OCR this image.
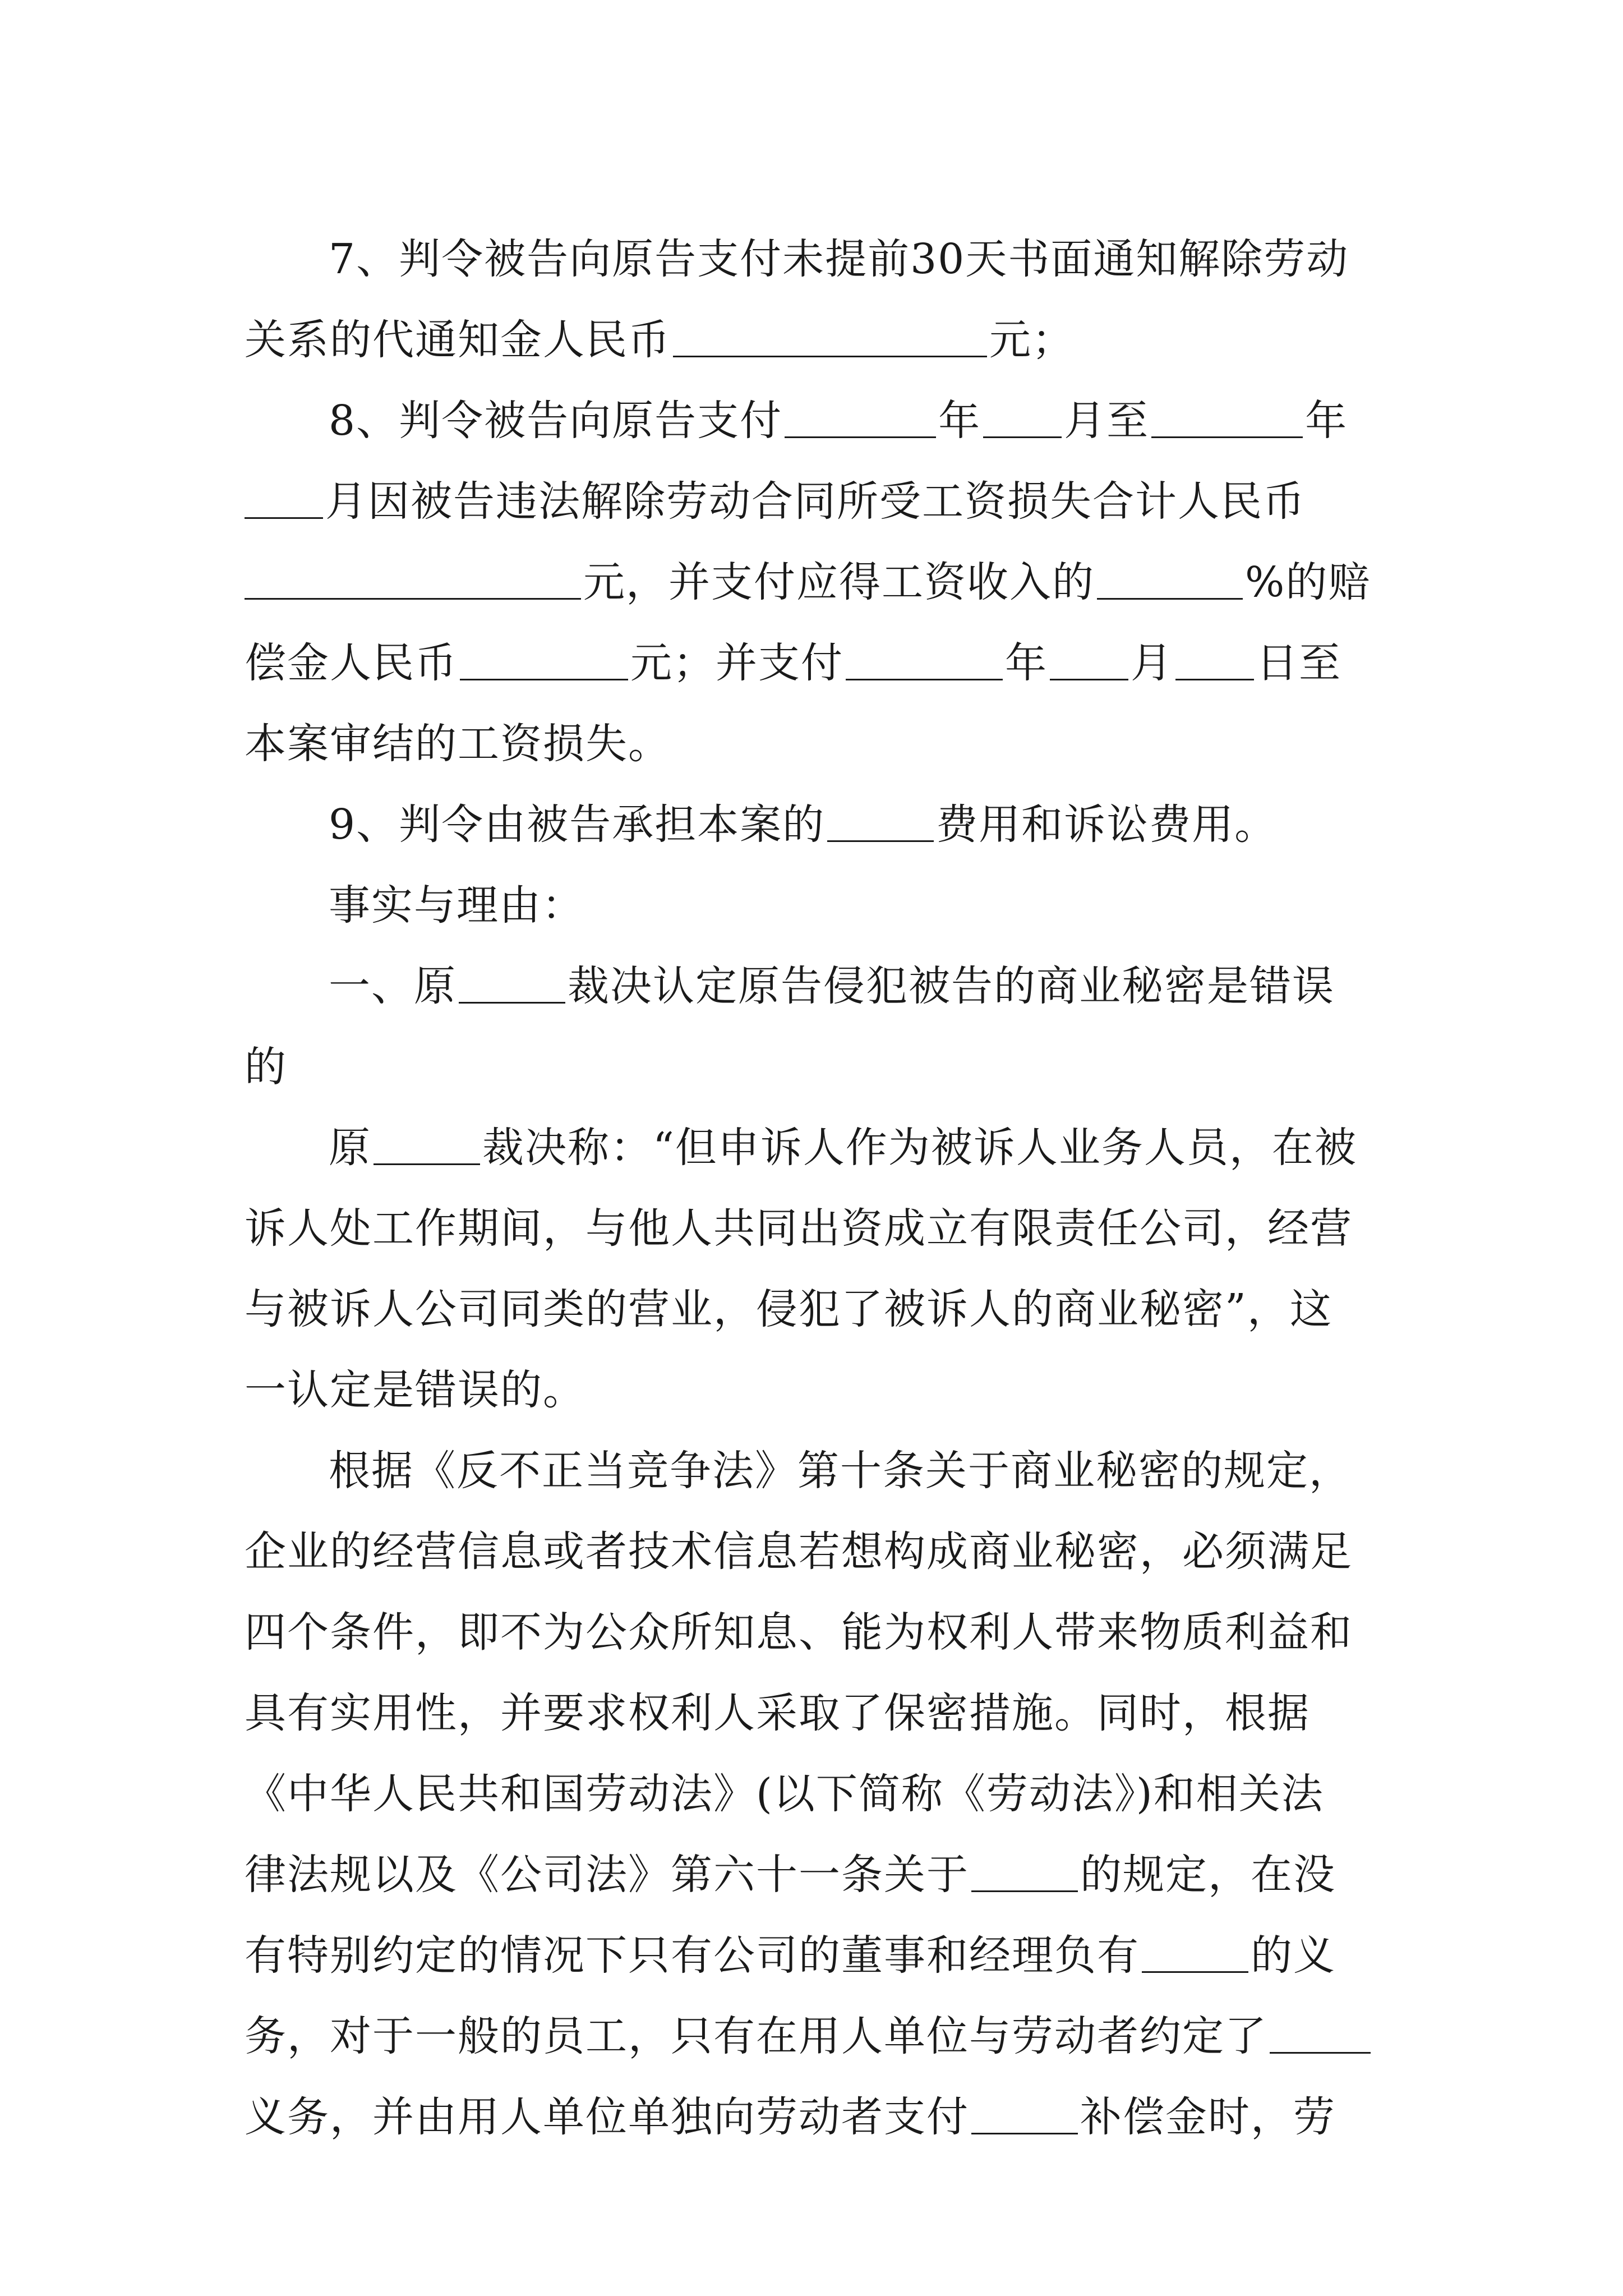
7、判令被告向原告支付未提前30天书面通知解除劳动
关系的代通知金人民币	元；
8、判令被告向原告支付	年 月至	年
月因被告违法解除劳动合同所受工资损失合计人民币
元，并支付应得工资收入的	%的赔
偿金人民币	元；并支付	年 月 日至
本案审结的工资损失。
9、判令由被告承担本案的	费用和诉讼费用。
事实与理由：
一、原	裁决认定原告侵犯被告的商业秘密是错误
的
原	裁决称：“但申诉人作为被诉人业务人员，在被
诉人处工作期间，与他人共同出资成立有限责任公司，经营
与被诉人公司同类的营业，侵犯了被诉人的商业秘密”，这
一认定是错误的。
根据《反不正当竞争法》第十条关于商业秘密的规定，
企业的经营信息或者技术信息若想构成商业秘密，必须满足
四个条件，即不为公众所知息、能为权利人带来物质利益和
具有实用性，并要求权利人采取了保密措施。同时，根据
《中华人民共和国劳动法》(以下简称《劳动法》)和相关法
律法规以及《公司法》第六十一条关于	的规定，在没
有特别约定的情况下只有公司的董事和经理负有	的义
务，对于一般的员工，只有在用人单位与劳动者约定了
义务，并由用人单位单独向劳动者支付	补偿金时，劳
